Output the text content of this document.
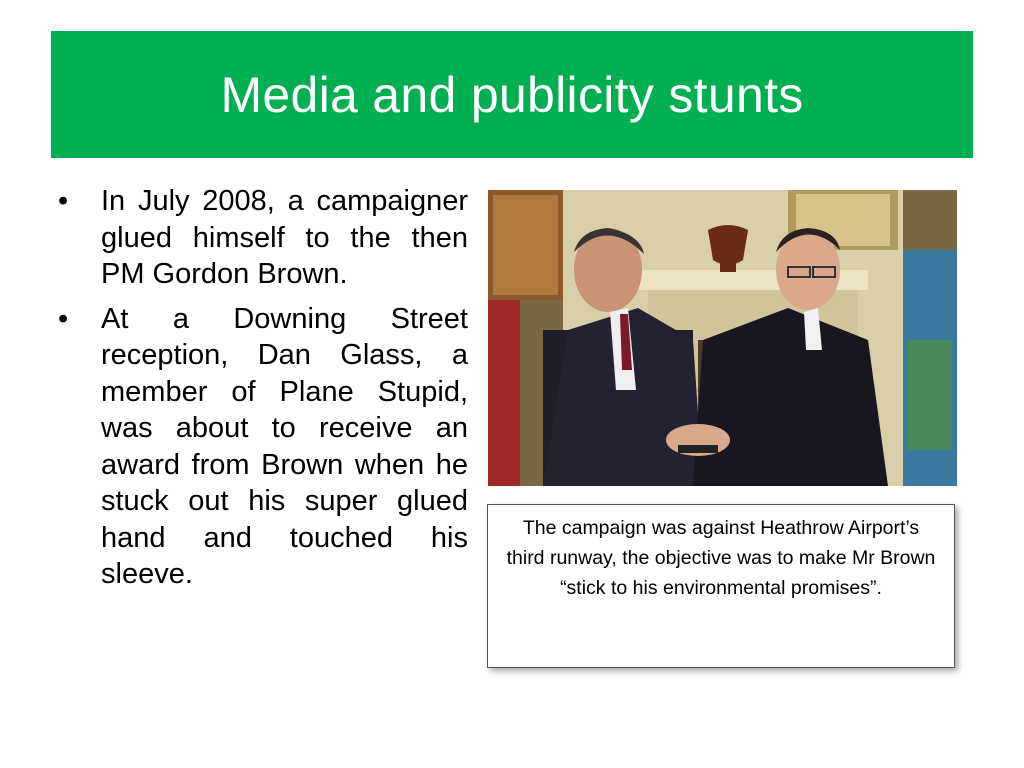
Media and publicity stunts
•	In July 2008, a campaigner glued himself to the then PM Gordon Brown.
•	At a Downing Street reception, Dan Glass, a member of Plane Stupid, was about to receive an award from Brown when he stuck out his super glued hand and touched his sleeve.
The campaign was against Heathrow Airport’s third runway, the objective was to make Mr Brown “stick to his environmental promises”.
